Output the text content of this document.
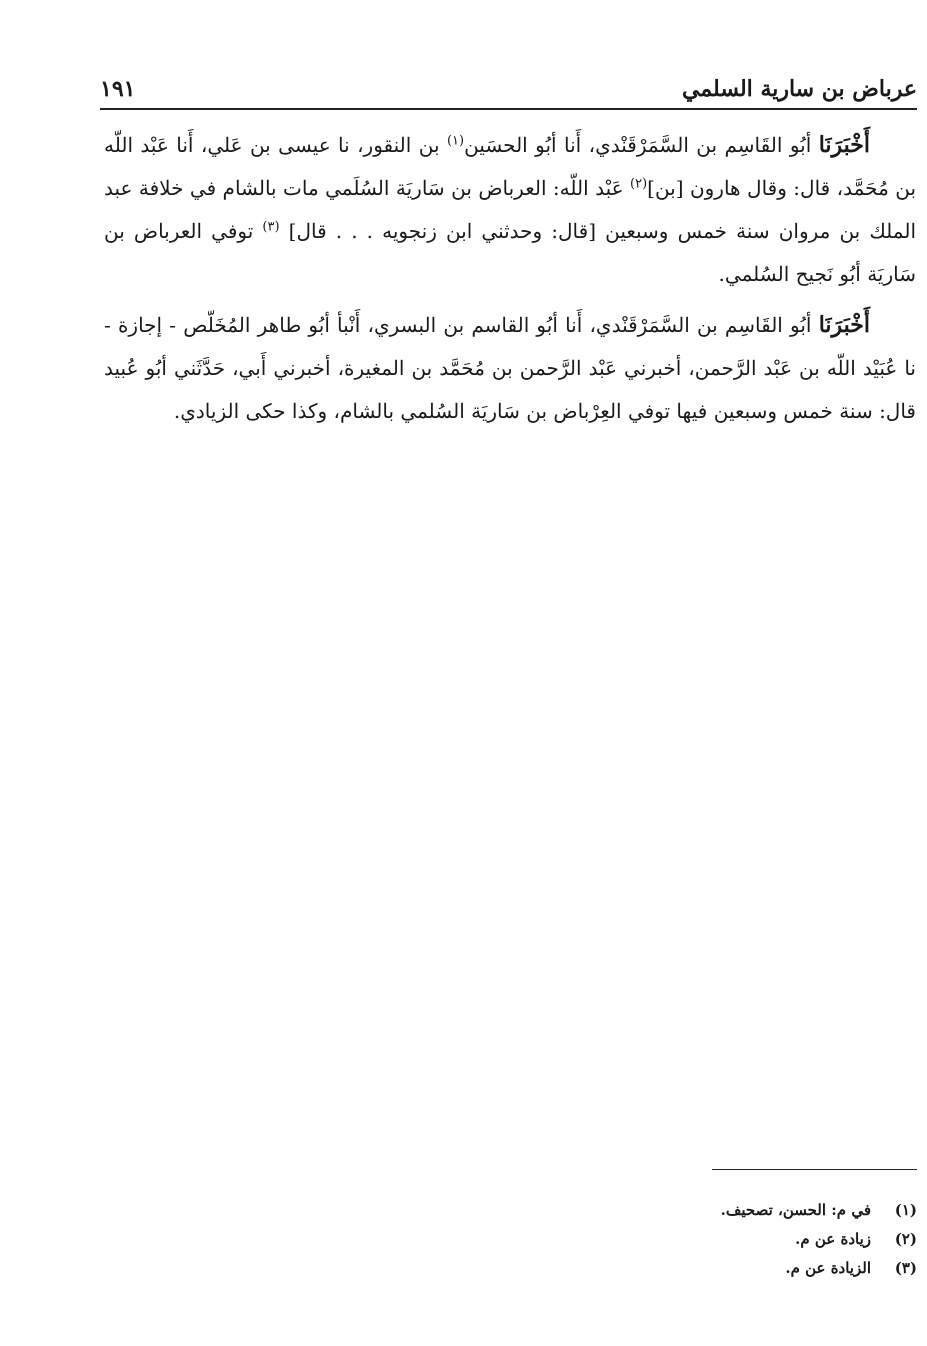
عرباض بن سارية السلمي
١٩١

أَخْبَرَنَا أبُو القَاسِم بن السَّمَرْقَنْدي، أَنا أبُو الحسَين$^{(١)}$ بن النقور، نا عيسى بن عَلي، أَنا عَبْد اللّه بن مُحَمَّد، قال: وقال هارون [بن]$^{(٢)}$ عَبْد اللّه: العرباض بن سَاريَة السُلَمي مات بالشام في خلافة عبد الملك بن مروان سنة خمس وسبعين [قال: وحدثني ابن زنجويه . . . قال] $^{(٣)}$ توفي العرباض بن سَاريَة أبُو نَجيح السُلمي.

أَخْبَرَنَا أبُو القَاسِم بن السَّمَرْقَنْدي، أَنا أبُو القاسم بن البسري، أَنْبأ أبُو طاهر المُخَلّص - إجازة - نا عُبَيْد اللّه بن عَبْد الرَّحمن، أخبرني عَبْد الرَّحمن بن مُحَمَّد بن المغيرة، أخبرني أَبي، حَدَّثَني أبُو عُبيد قال: سنة خمس وسبعين فيها توفي العِرْباض بن سَاريَة السُلمي بالشام، وكذا حكى الزيادي.

(١)في م: الحسن، تصحيف.
(٢)زيادة عن م.
(٣)الزيادة عن م.
